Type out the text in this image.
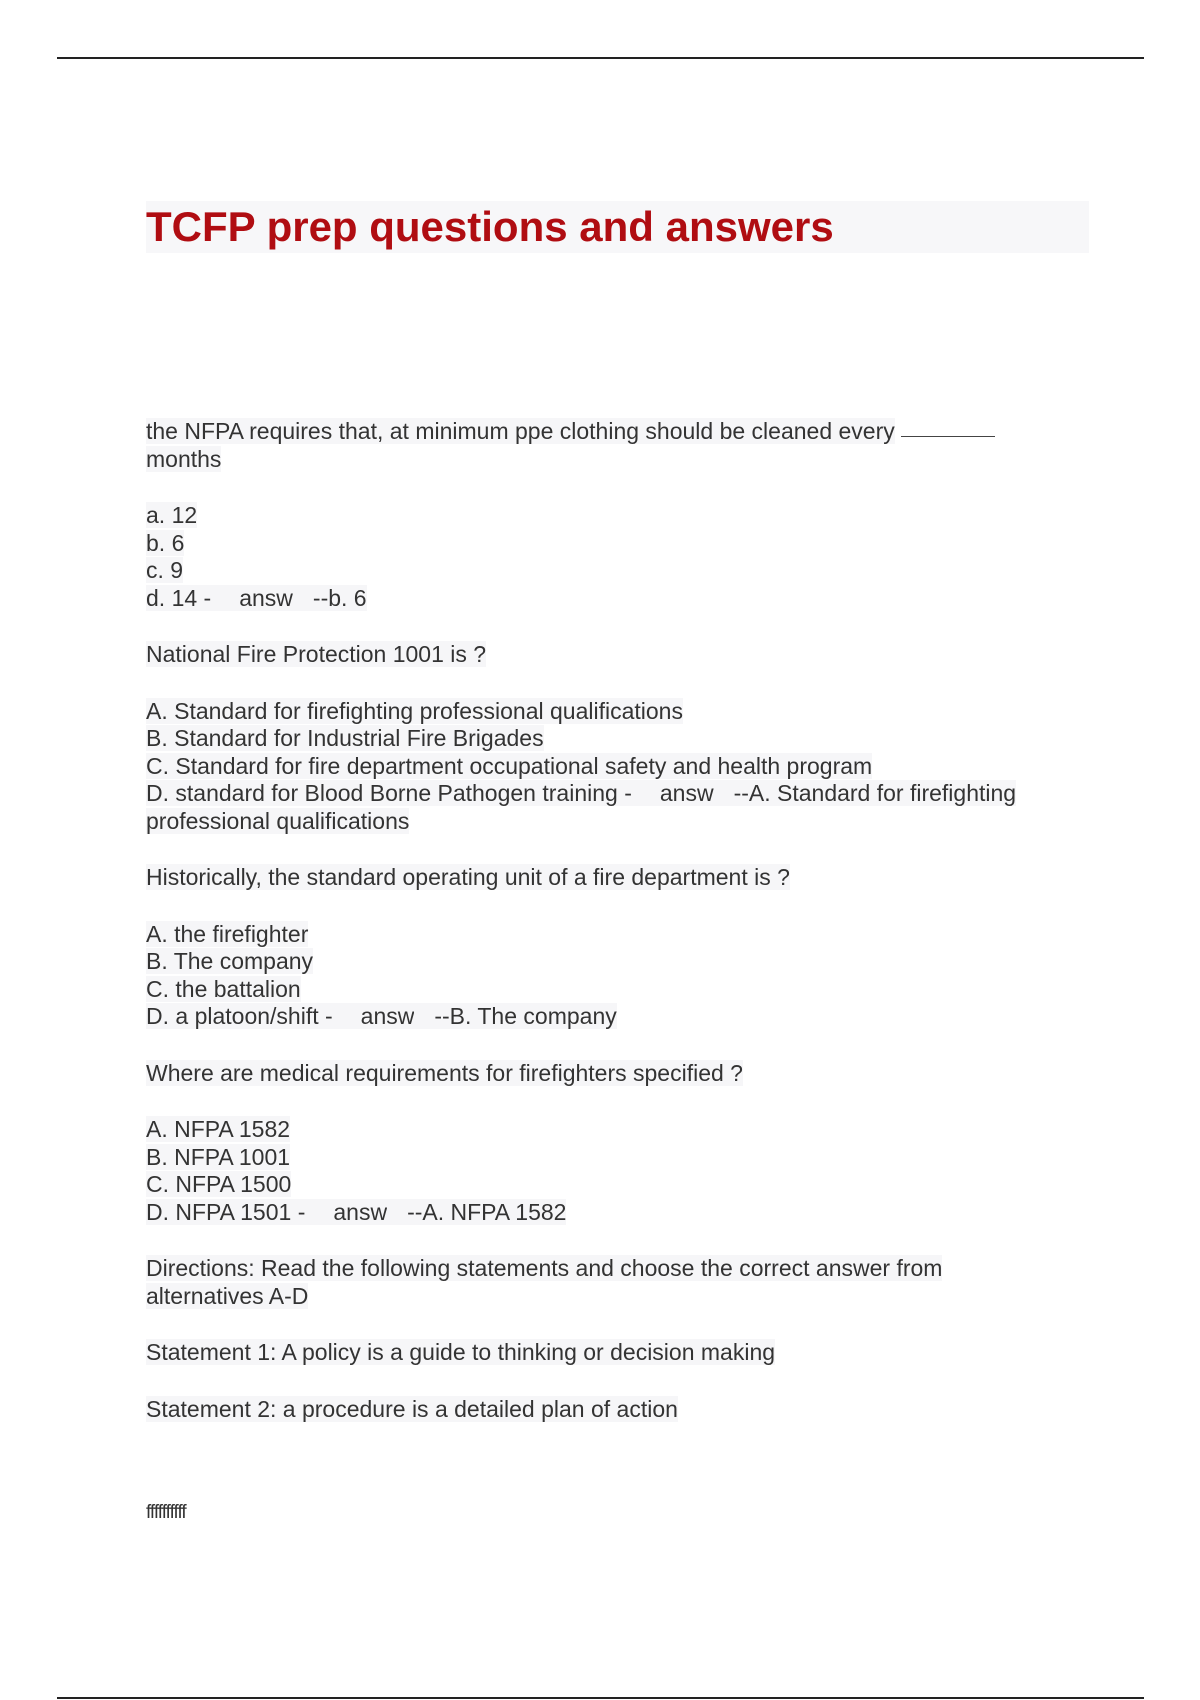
TCFP prep questions and answers
the NFPA requires that, at minimum ppe clothing should be cleaned every
months
a. 12
b. 6
c. 9
d. 14 - answ --b. 6
National Fire Protection 1001 is ?
A. Standard for firefighting professional qualifications
B. Standard for Industrial Fire Brigades
C. Standard for fire department occupational safety and health program
D. standard for Blood Borne Pathogen training - answ --A. Standard for firefighting
professional qualifications
Historically, the standard operating unit of a fire department is ?
A. the firefighter
B. The company
C. the battalion
D. a platoon/shift - answ --B. The company
Where are medical requirements for firefighters specified ?
A. NFPA 1582
B. NFPA 1001
C. NFPA 1500
D. NFPA 1501 - answ --A. NFPA 1582
Directions: Read the following statements and choose the correct answer from
alternatives A-D
Statement 1: A policy is a guide to thinking or decision making
Statement 2: a procedure is a detailed plan of action
ffffffffff
